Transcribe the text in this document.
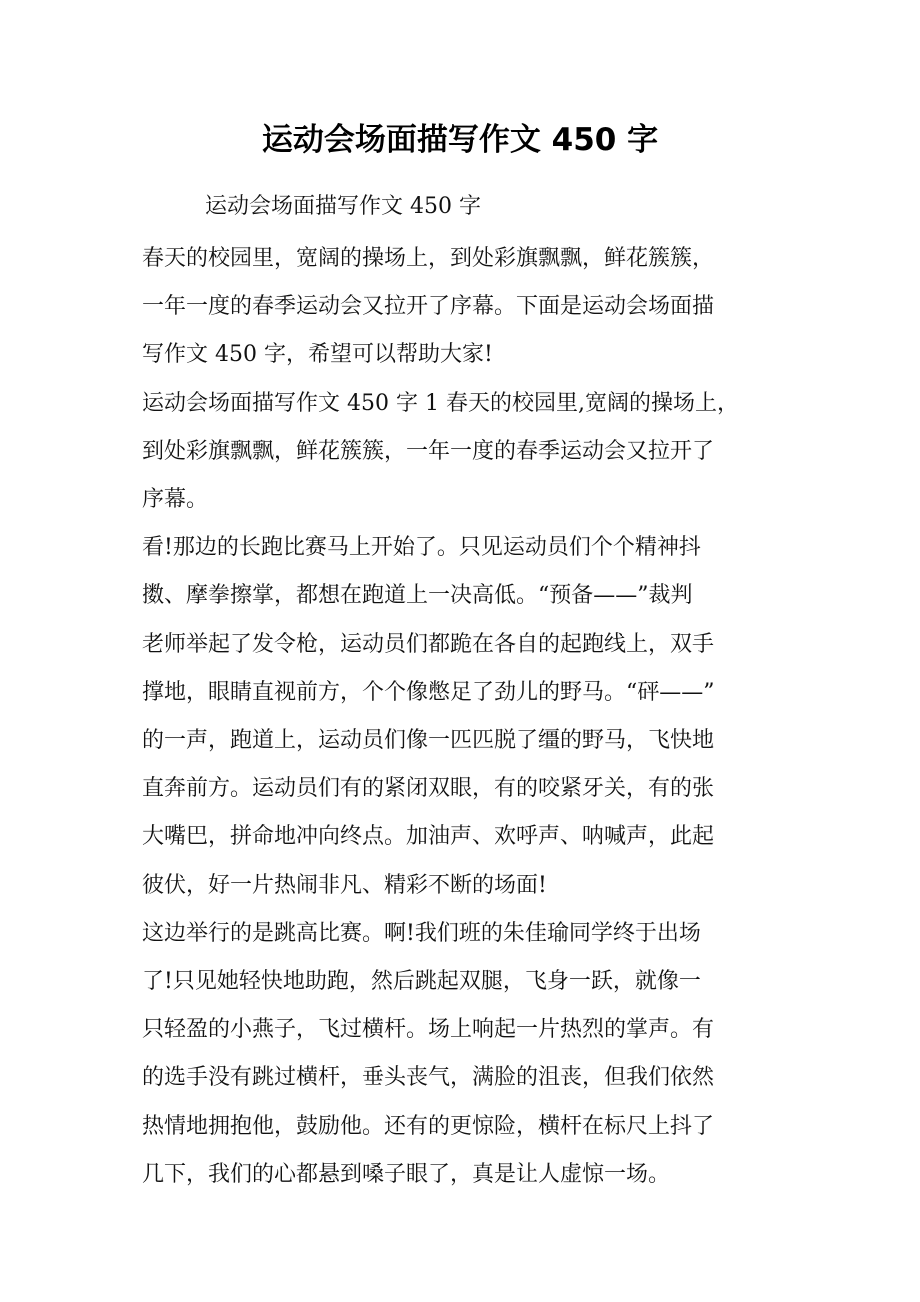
运动会场面描写作文 450 字

运动会场面描写作文 450 字

春天的校园里，宽阔的操场上，到处彩旗飘飘，鲜花簇簇，
一年一度的春季运动会又拉开了序幕。下面是运动会场面描
写作文 450 字，希望可以帮助大家!

运动会场面描写作文 450 字 1 春天的校园里,宽阔的操场上，
到处彩旗飘飘，鲜花簇簇，一年一度的春季运动会又拉开了
序幕。

看!那边的长跑比赛马上开始了。只见运动员们个个精神抖
擞、摩拳擦掌，都想在跑道上一决高低。“预备——”裁判
老师举起了发令枪，运动员们都跪在各自的起跑线上，双手
撑地，眼睛直视前方，个个像憋足了劲儿的野马。“砰——”
的一声，跑道上，运动员们像一匹匹脱了缰的野马，飞快地
直奔前方。运动员们有的紧闭双眼，有的咬紧牙关，有的张
大嘴巴，拼命地冲向终点。加油声、欢呼声、呐喊声，此起
彼伏，好一片热闹非凡、精彩不断的场面!

这边举行的是跳高比赛。啊!我们班的朱佳瑜同学终于出场
了!只见她轻快地助跑，然后跳起双腿，飞身一跃，就像一
只轻盈的小燕子，飞过横杆。场上响起一片热烈的掌声。有
的选手没有跳过横杆，垂头丧气，满脸的沮丧，但我们依然
热情地拥抱他，鼓励他。还有的更惊险，横杆在标尺上抖了
几下，我们的心都悬到嗓子眼了，真是让人虚惊一场。
